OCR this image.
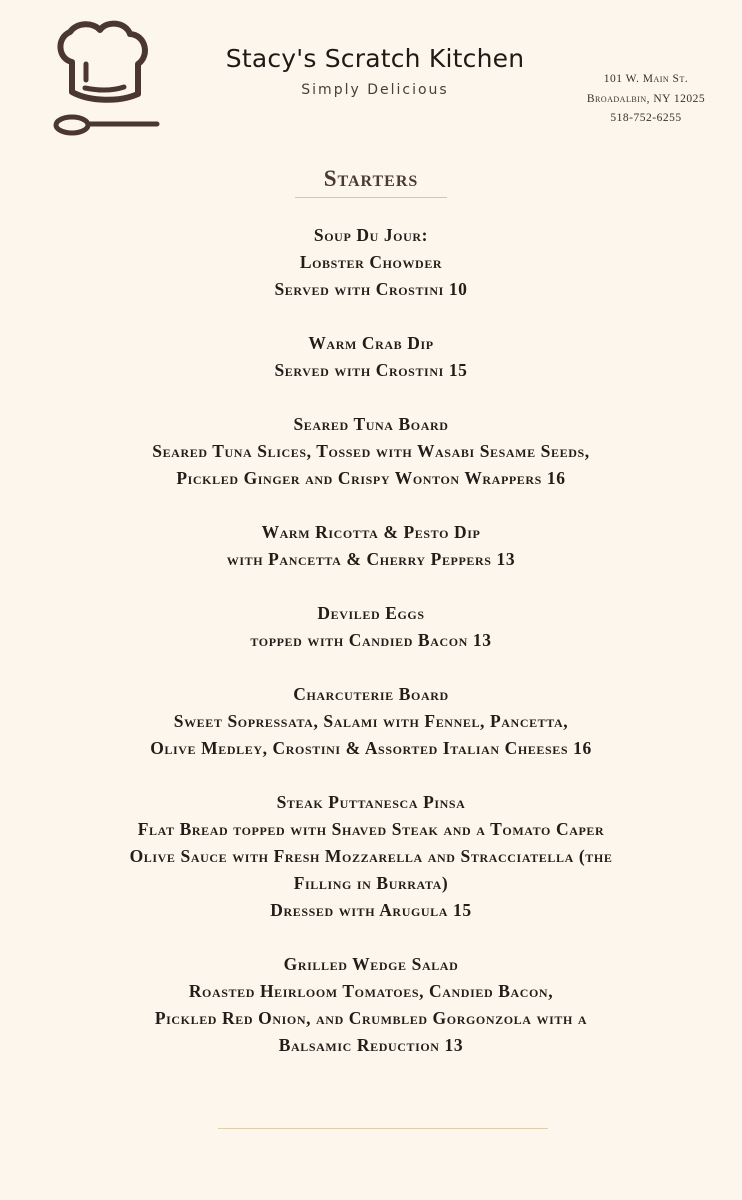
Stacy's Scratch Kitchen
Simply Delicious
101 W. Main St.
Broadalbin, NY 12025
518-752-6255
Starters
Soup Du Jour:
Lobster Chowder
Served with Crostini 10
Warm Crab Dip
Served with Crostini 15
Seared Tuna Board
Seared Tuna Slices, Tossed with Wasabi Sesame Seeds,
Pickled Ginger and Crispy Wonton Wrappers 16
Warm Ricotta & Pesto Dip
with Pancetta & Cherry Peppers 13
Deviled Eggs
topped with Candied Bacon 13
Charcuterie Board
Sweet Sopressata, Salami with Fennel, Pancetta,
Olive Medley, Crostini & Assorted Italian Cheeses 16
Steak Puttanesca Pinsa
Flat Bread topped with Shaved Steak and a Tomato Caper
Olive Sauce with Fresh Mozzarella and Stracciatella (the
Filling in Burrata)
Dressed with Arugula 15
Grilled Wedge Salad
Roasted Heirloom Tomatoes, Candied Bacon,
Pickled Red Onion, and Crumbled Gorgonzola with a
Balsamic Reduction 13
